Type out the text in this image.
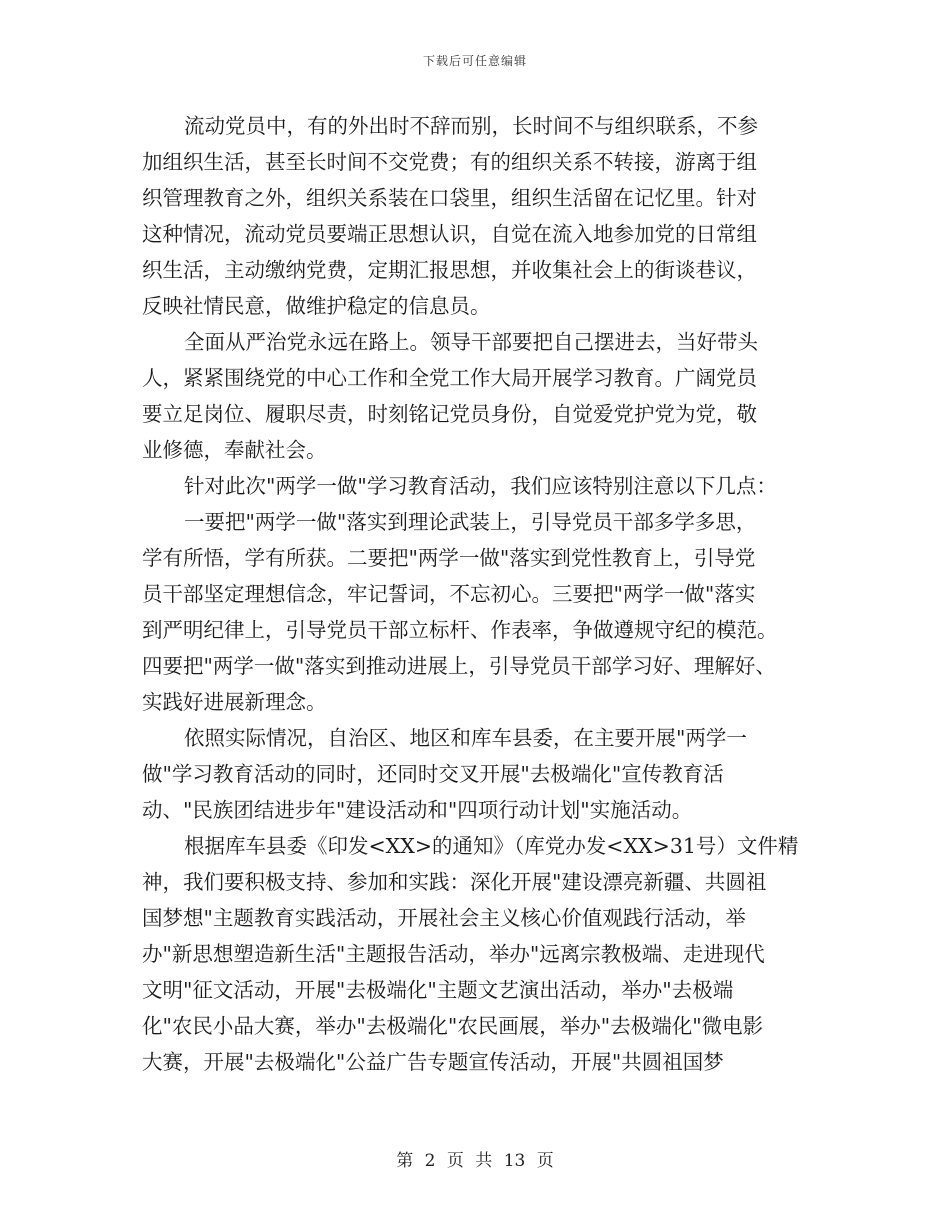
下载后可任意编辑
流动党员中，有的外出时不辞而别，长时间不与组织联系，不参
加组织生活，甚至长时间不交党费；有的组织关系不转接，游离于组
织管理教育之外，组织关系装在口袋里，组织生活留在记忆里。针对
这种情况，流动党员要端正思想认识，自觉在流入地参加党的日常组
织生活，主动缴纳党费，定期汇报思想，并收集社会上的街谈巷议，
反映社情民意，做维护稳定的信息员。
全面从严治党永远在路上。领导干部要把自己摆进去，当好带头
人，紧紧围绕党的中心工作和全党工作大局开展学习教育。广阔党员
要立足岗位、履职尽责，时刻铭记党员身份，自觉爱党护党为党，敬
业修德，奉献社会。
针对此次"两学一做"学习教育活动，我们应该特别注意以下几点：
一要把"两学一做"落实到理论武装上，引导党员干部多学多思，
学有所悟，学有所获。二要把"两学一做"落实到党性教育上，引导党
员干部坚定理想信念，牢记誓词，不忘初心。三要把"两学一做"落实
到严明纪律上，引导党员干部立标杆、作表率，争做遵规守纪的模范。
四要把"两学一做"落实到推动进展上，引导党员干部学习好、理解好、
实践好进展新理念。
依照实际情况，自治区、地区和库车县委，在主要开展"两学一
做"学习教育活动的同时，还同时交叉开展"去极端化"宣传教育活
动、"民族团结进步年"建设活动和"四项行动计划"实施活动。
根据库车县委《印发<XX>的通知》（库党办发<XX>31号）文件精
神，我们要积极支持、参加和实践：深化开展"建设漂亮新疆、共圆祖
国梦想"主题教育实践活动，开展社会主义核心价值观践行活动，举
办"新思想塑造新生活"主题报告活动，举办"远离宗教极端、走进现代
文明"征文活动，开展"去极端化"主题文艺演出活动，举办"去极端
化"农民小品大赛，举办"去极端化"农民画展，举办"去极端化"微电影
大赛，开展"去极端化"公益广告专题宣传活动，开展"共圆祖国梦
第 2 页 共 13 页
